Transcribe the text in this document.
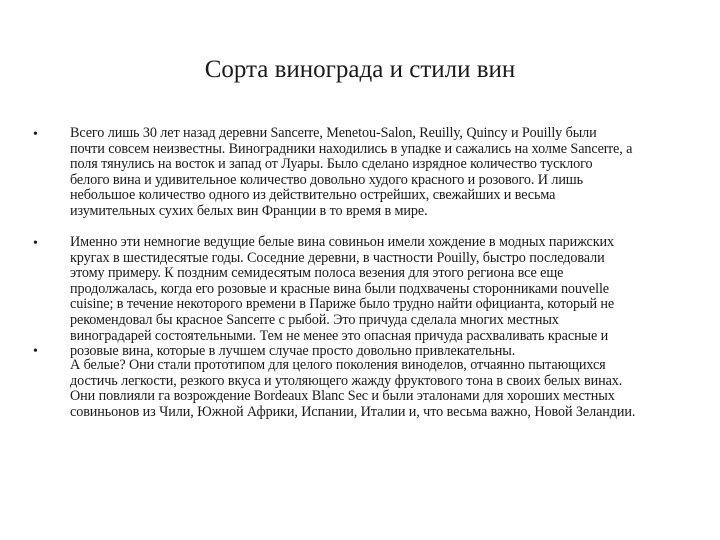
Сорта винограда и стили вин
• Всего лишь 30 лет назад деревни Sancerre, Menetou-Salon, Reuilly, Quincy и Pouilly были
почти совсем неизвестны. Виноградники находились в упадке и сажались на холме Sancerre, а
поля тянулись на восток и запад от Луары. Было сделано изрядное количество тусклого
белого вина и удивительное количество довольно худого красного и розового. И лишь
небольшое количество одного из действительно острейших, свежайших и весьма
изумительных сухих белых вин Франции в то время в мире.
• Именно эти немногие ведущие белые вина совиньон имели хождение в модных парижских
кругах в шестидесятые годы. Соседние деревни, в частности Pouilly, быстро последовали
этому примеру. К поздним семидесятым полоса везения для этого региона все еще
продолжалась, когда его розовые и красные вина были подхвачены сторонниками nouvelle
cuisine; в течение некоторого времени в Париже было трудно найти официанта, который не
рекомендовал бы красное Sancerre с рыбой. Это причуда сделала многих местных
виноградарей состоятельными. Тем не менее это опасная причуда расхваливать красные и
розовые вина, которые в лучшем случае просто довольно привлекательны.
•
А белые? Они стали прототипом для целого поколения виноделов, отчаянно пытающихся
достичь легкости, резкого вкуса и утоляющего жажду фруктового тона в своих белых винах.
Они повлияли га возрождение Bordeaux Blanc Sec и были эталонами для хороших местных
совиньонов из Чили, Южной Африки, Испании, Италии и, что весьма важно, Новой Зеландии.
